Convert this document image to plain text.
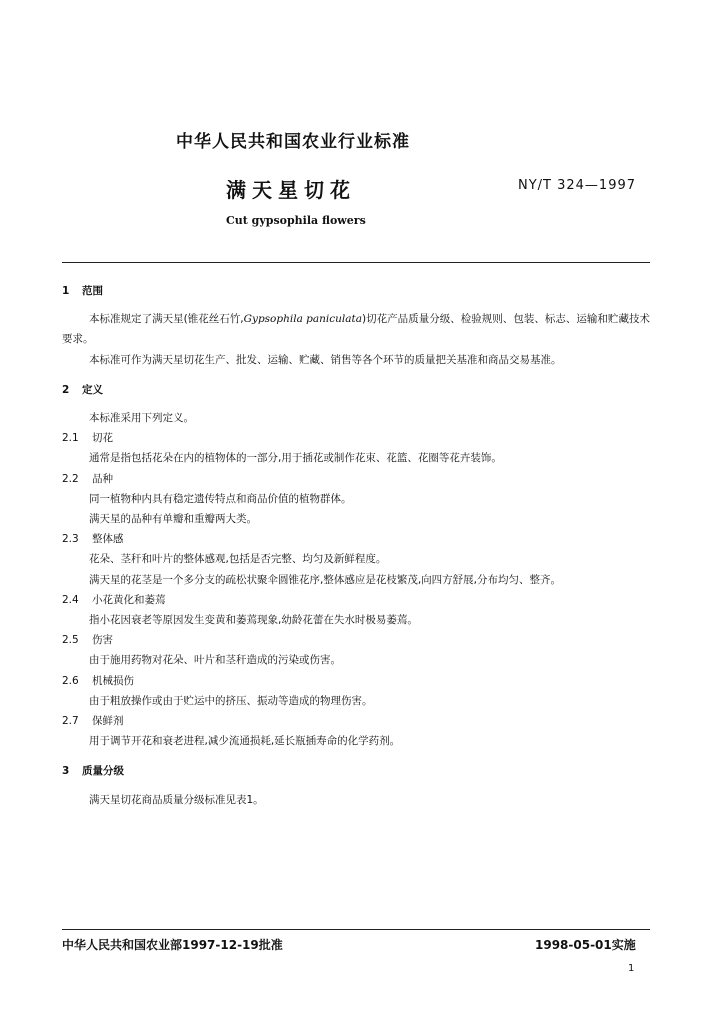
中华人民共和国农业行业标准
满天星切花	NY/T 324—1997
Cut gypsophila flowers
1 范围
本标准规定了满天星(锥花丝石竹,Gypsophila paniculata)切花产品质量分级、检验规则、包装、标志、运输和贮藏技术要求。
本标准可作为满天星切花生产、批发、运输、贮藏、销售等各个环节的质量把关基准和商品交易基准。
2 定义
本标准采用下列定义。
2.1 切花
通常是指包括花朵在内的植物体的一部分,用于插花或制作花束、花篮、花圈等花卉装饰。
2.2 品种
同一植物种内具有稳定遗传特点和商品价值的植物群体。
满天星的品种有单瓣和重瓣两大类。
2.3 整体感
花朵、茎秆和叶片的整体感观,包括是否完整、均匀及新鲜程度。
满天星的花茎是一个多分支的疏松状聚伞圆锥花序,整体感应是花枝繁茂,向四方舒展,分布均匀、整齐。
2.4 小花黄化和萎蔫
指小花因衰老等原因发生变黄和萎蔫现象,幼龄花蕾在失水时极易萎蔫。
2.5 伤害
由于施用药物对花朵、叶片和茎秆造成的污染或伤害。
2.6 机械损伤
由于粗放操作或由于贮运中的挤压、振动等造成的物理伤害。
2.7 保鲜剂
用于调节开花和衰老进程,减少流通损耗,延长瓶插寿命的化学药剂。
3 质量分级
满天星切花商品质量分级标准见表1。
中华人民共和国农业部1997-12-19批准	1998-05-01实施
1
